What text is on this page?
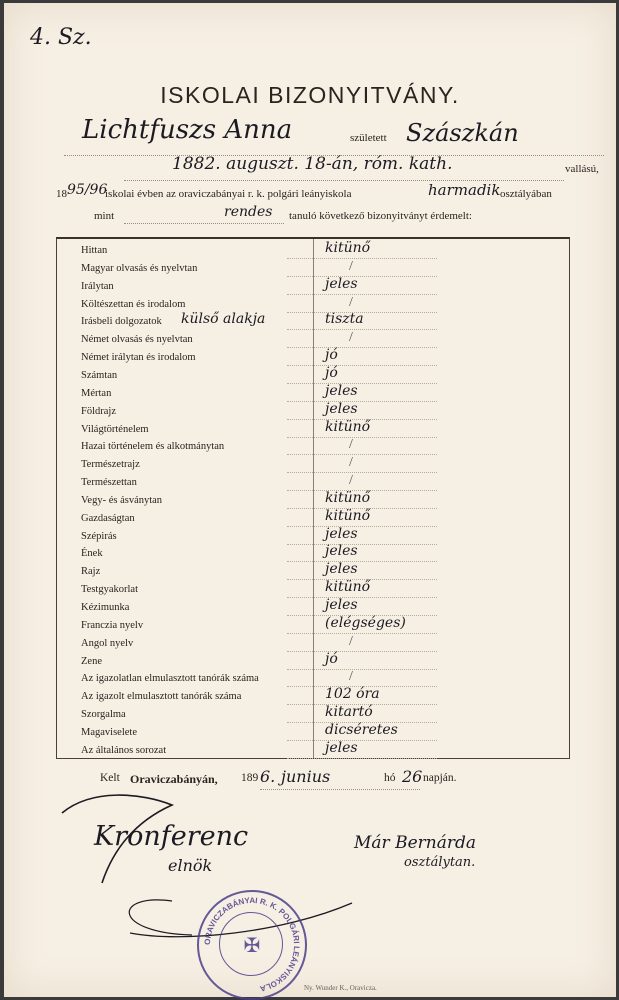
4. Sz.
ISKOLAI BIZONYITVÁNY.
Lichtfuszs Anna	született Szászkán
1882. auguszt. 18-án, róm. kath.	vallású,
18 95/96
iskolai évben az oraviczabányai r. k. polgári leányiskola	harmadik osztályában
mint	rendes tanuló következő bizonyitványt érdemelt:
Hittan	kitünő
Magyar olvasás és nyelvtan	/
Irálytan	jeles
Költészettan és irodalom	/
Irásbeli dolgozatok külső alakja	tiszta
Német olvasás és nyelvtan	/
Német irálytan és irodalom	jó
Számtan	jó
Mértan	jeles
Földrajz	jeles
Világtörténelem	kitünő
Hazai történelem és alkotmánytan	/
Természetrajz	/
Természettan	/
Vegy- és ásványtan	kitünő
Gazdaságtan	kitünő
Szépirás	jeles
Ének	jeles
Rajz	jeles
Testgyakorlat	kitünő
Kézimunka	jeles
Franczia nyelv	(elégséges)
Angol nyelv	/
Zene	jó
Az igazolatlan elmulasztott tanórák száma	/
Az igazolt elmulasztott tanórák száma	102 óra
Szorgalma	kitartó
Magaviselete	dicséretes
Az általános sorozat	jeles
Kelt Oraviczabányán, 189 6. junius	hó 26 napján.
Kronferenc
elnök
Már Bernárda
osztálytan.
ORAVICZABÁNYAI R. K. POLGÁRI LEÁNYISKOLA
✠
Ny. Wunder K., Oravicza.
